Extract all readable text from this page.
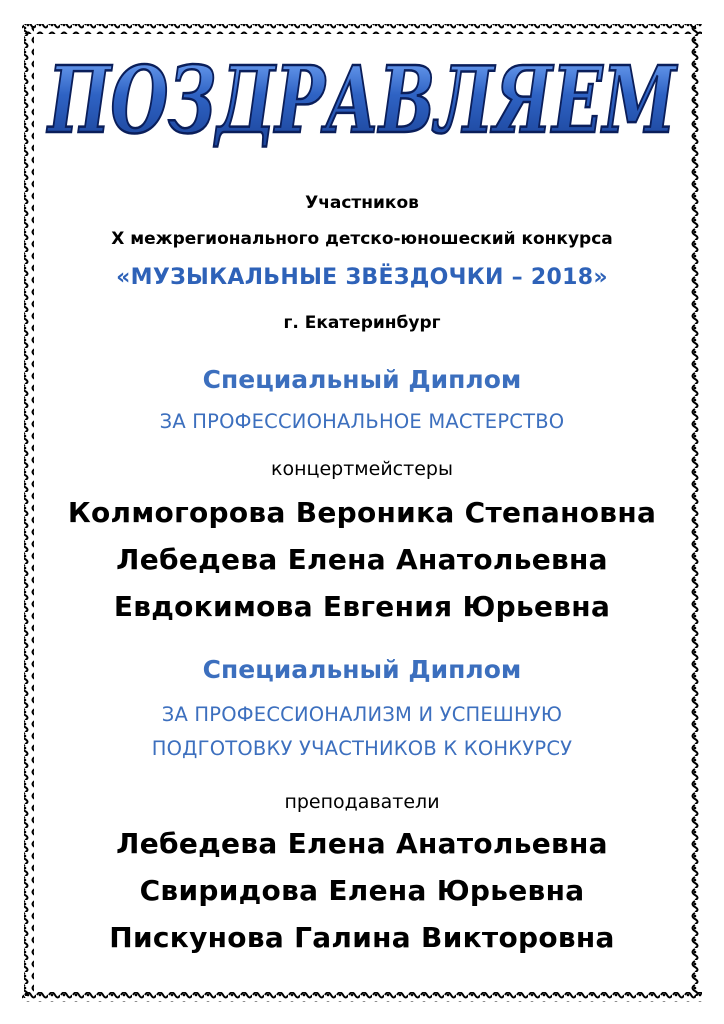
ПОЗДРАВЛЯЕМ
Участников
X межрегионального детско-юношеский конкурса
«МУЗЫКАЛЬНЫЕ ЗВЁЗДОЧКИ – 2018»
г. Екатеринбург
Специальный Диплом
ЗА ПРОФЕССИОНАЛЬНОЕ МАСТЕРСТВО
концертмейстеры
Колмогорова Вероника Степановна
Лебедева Елена Анатольевна
Евдокимова Евгения Юрьевна
Специальный Диплом
ЗА ПРОФЕССИОНАЛИЗМ И УСПЕШНУЮ
ПОДГОТОВКУ УЧАСТНИКОВ К КОНКУРСУ
преподаватели
Лебедева Елена Анатольевна
Свиридова Елена Юрьевна
Пискунова Галина Викторовна
